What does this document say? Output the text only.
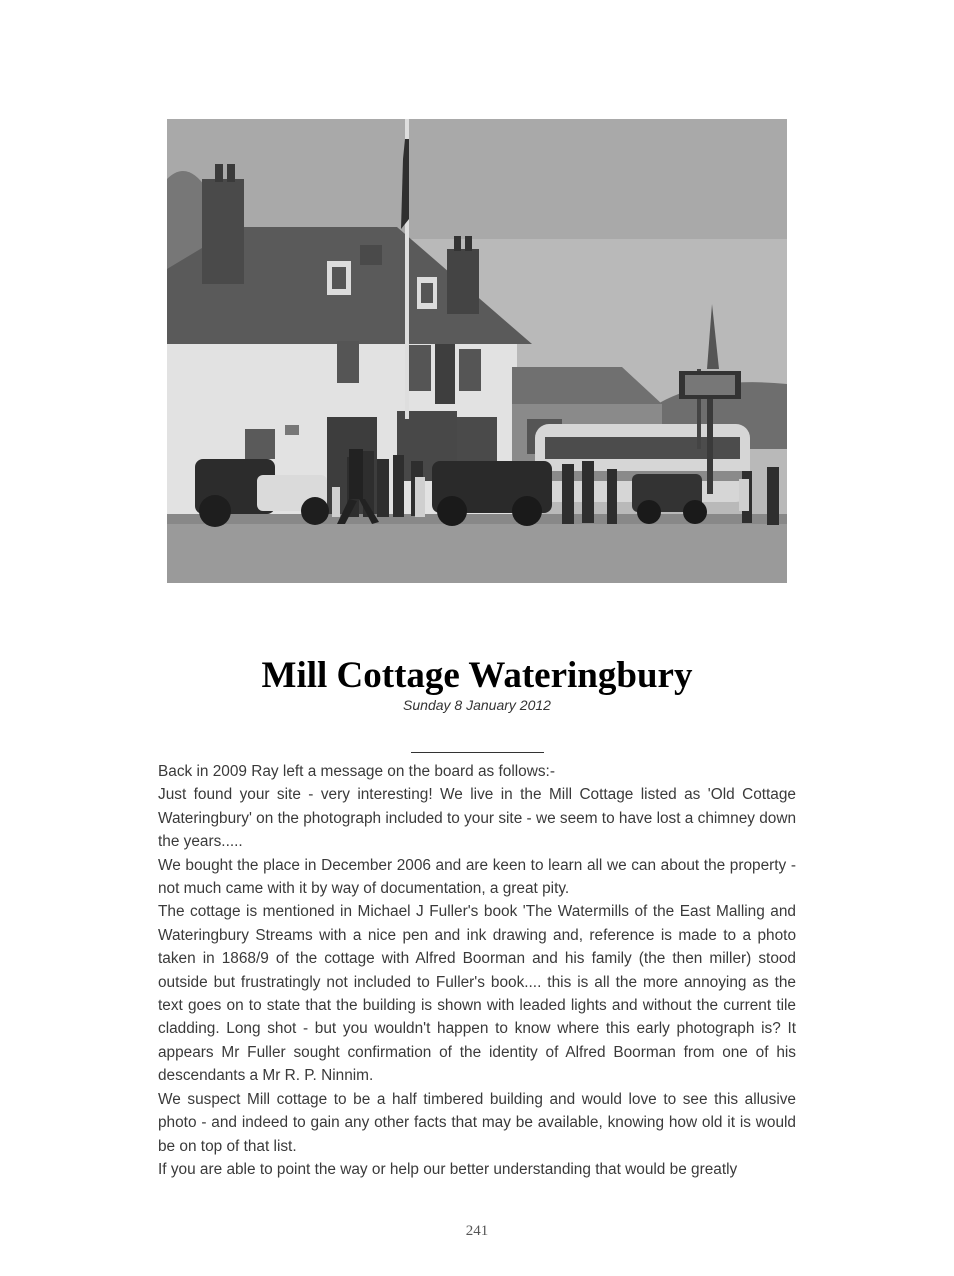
Mill Cottage Wateringbury
Sunday 8 January 2012

Back in 2009 Ray left a message on the board as follows:-

Just found your site - very interesting! We live in the Mill Cottage listed as 'Old Cottage Wateringbury' on the photograph included to your site - we seem to have lost a chimney down the years.....

We bought the place in December 2006 and are keen to learn all we can about the property - not much came with it by way of documentation, a great pity.

The cottage is mentioned in Michael J Fuller's book 'The Watermills of the East Malling and Wateringbury Streams with a nice pen and ink drawing and, reference is made to a photo taken in 1868/9 of the cottage with Alfred Boorman and his family (the then miller) stood outside but frustratingly not included to Fuller's book.... this is all the more annoying as the text goes on to state that the building is shown with leaded lights and without the current tile cladding. Long shot - but you wouldn't happen to know where this early photograph is? It appears Mr Fuller sought confirmation of the identity of Alfred Boorman from one of his descendants a Mr R. P. Ninnim.

We suspect Mill cottage to be a half timbered building and would love to see this allusive photo - and indeed to gain any other facts that may be available, knowing how old it is would be on top of that list.

If you are able to point the way or help our better understanding that would be greatly

241
